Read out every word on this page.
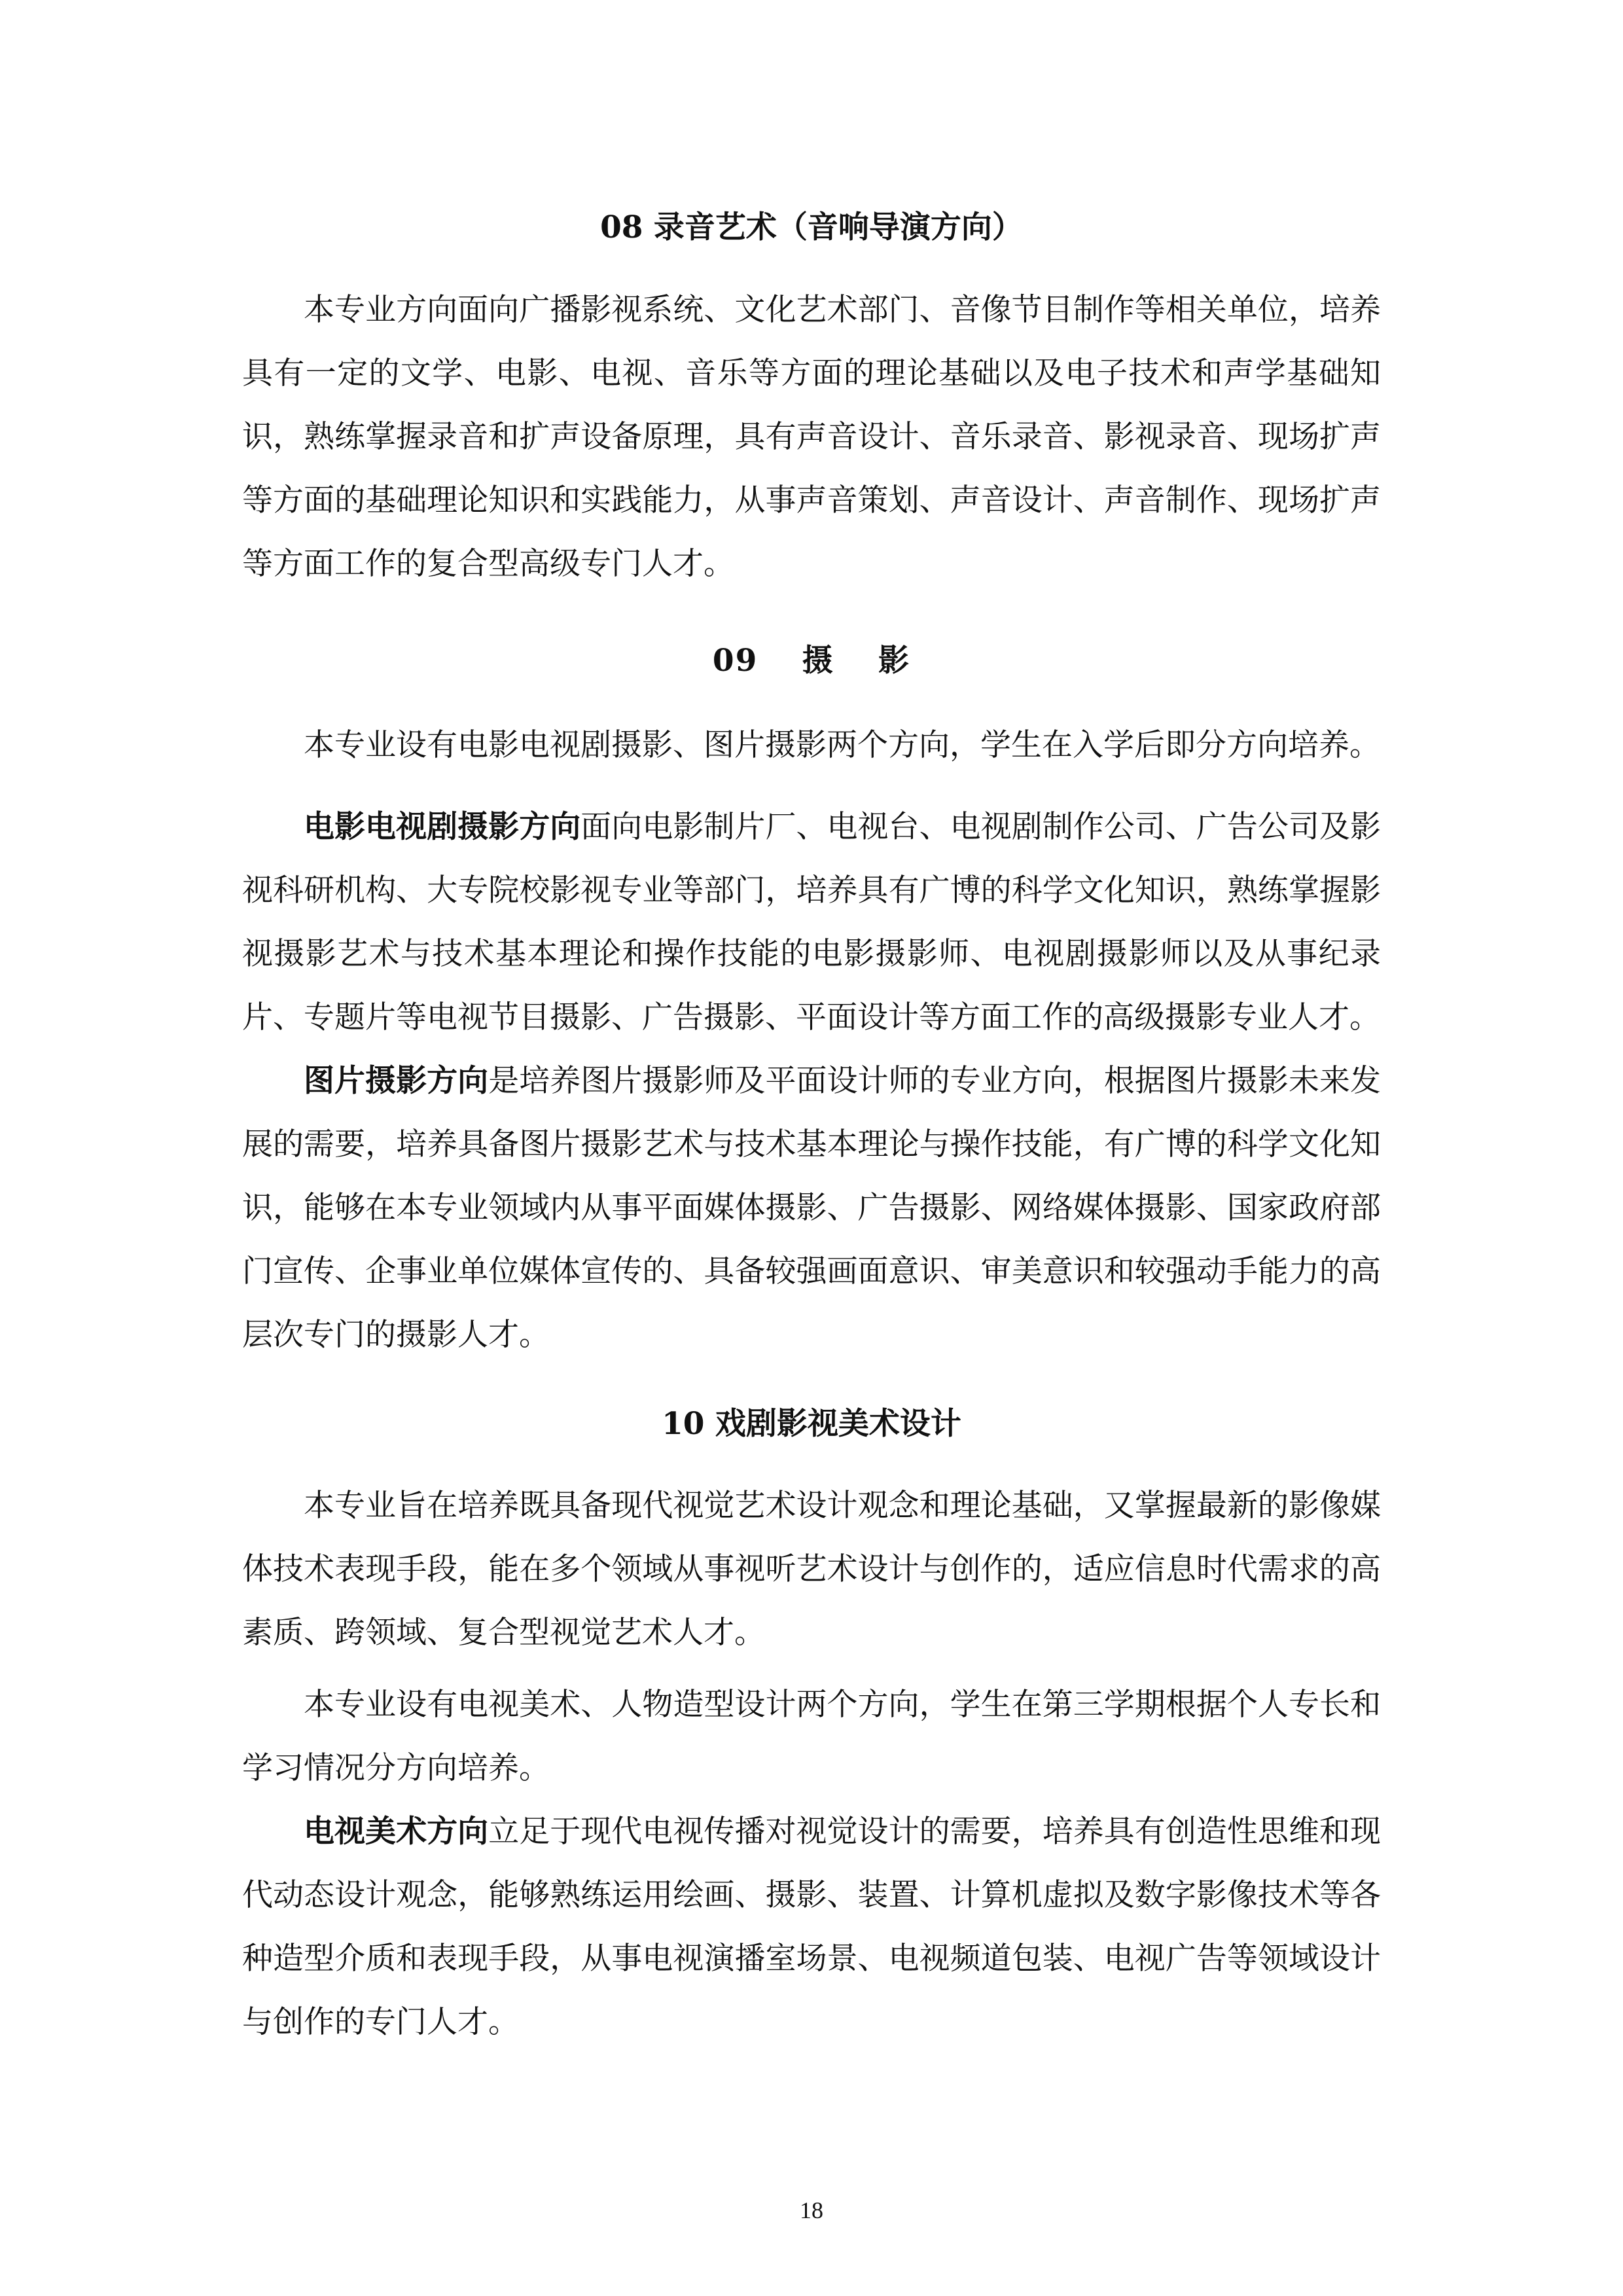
08 录音艺术（音响导演方向）

本专业方向面向广播影视系统、文化艺术部门、音像节目制作等相关单位，培养具有一定的文学、电影、电视、音乐等方面的理论基础以及电子技术和声学基础知识，熟练掌握录音和扩声设备原理，具有声音设计、音乐录音、影视录音、现场扩声等方面的基础理论知识和实践能力，从事声音策划、声音设计、声音制作、现场扩声等方面工作的复合型高级专门人才。

09　 摄　 影

本专业设有电影电视剧摄影、图片摄影两个方向，学生在入学后即分方向培养。

电影电视剧摄影方向面向电影制片厂、电视台、电视剧制作公司、广告公司及影视科研机构、大专院校影视专业等部门，培养具有广博的科学文化知识，熟练掌握影视摄影艺术与技术基本理论和操作技能的电影摄影师、电视剧摄影师以及从事纪录片、专题片等电视节目摄影、广告摄影、平面设计等方面工作的高级摄影专业人才。

图片摄影方向是培养图片摄影师及平面设计师的专业方向，根据图片摄影未来发展的需要，培养具备图片摄影艺术与技术基本理论与操作技能，有广博的科学文化知识，能够在本专业领域内从事平面媒体摄影、广告摄影、网络媒体摄影、国家政府部门宣传、企事业单位媒体宣传的、具备较强画面意识、审美意识和较强动手能力的高层次专门的摄影人才。

10 戏剧影视美术设计

本专业旨在培养既具备现代视觉艺术设计观念和理论基础，又掌握最新的影像媒体技术表现手段，能在多个领域从事视听艺术设计与创作的，适应信息时代需求的高素质、跨领域、复合型视觉艺术人才。

本专业设有电视美术、人物造型设计两个方向，学生在第三学期根据个人专长和学习情况分方向培养。

电视美术方向立足于现代电视传播对视觉设计的需要，培养具有创造性思维和现代动态设计观念，能够熟练运用绘画、摄影、装置、计算机虚拟及数字影像技术等各种造型介质和表现手段，从事电视演播室场景、电视频道包装、电视广告等领域设计与创作的专门人才。

18
